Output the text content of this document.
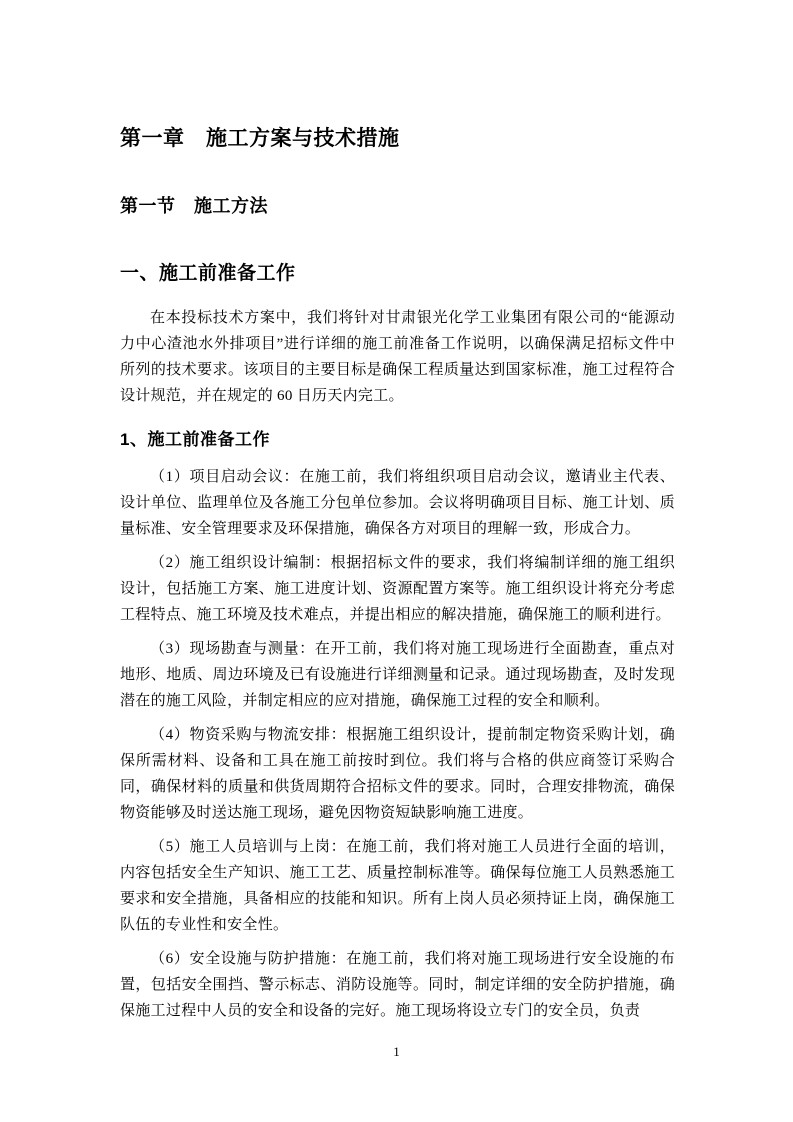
第一章　施工方案与技术措施
第一节　施工方法
一、施工前准备工作

在本投标技术方案中，我们将针对甘肃银光化学工业集团有限公司的“能源动力中心渣池水外排项目”进行详细的施工前准备工作说明，以确保满足招标文件中所列的技术要求。该项目的主要目标是确保工程质量达到国家标准，施工过程符合设计规范，并在规定的 60 日历天内完工。

1、施工前准备工作

（1）项目启动会议：在施工前，我们将组织项目启动会议，邀请业主代表、设计单位、监理单位及各施工分包单位参加。会议将明确项目目标、施工计划、质量标准、安全管理要求及环保措施，确保各方对项目的理解一致，形成合力。

（2）施工组织设计编制：根据招标文件的要求，我们将编制详细的施工组织设计，包括施工方案、施工进度计划、资源配置方案等。施工组织设计将充分考虑工程特点、施工环境及技术难点，并提出相应的解决措施，确保施工的顺利进行。

（3）现场勘查与测量：在开工前，我们将对施工现场进行全面勘查，重点对地形、地质、周边环境及已有设施进行详细测量和记录。通过现场勘查，及时发现潜在的施工风险，并制定相应的应对措施，确保施工过程的安全和顺利。

（4）物资采购与物流安排：根据施工组织设计，提前制定物资采购计划，确保所需材料、设备和工具在施工前按时到位。我们将与合格的供应商签订采购合同，确保材料的质量和供货周期符合招标文件的要求。同时，合理安排物流，确保物资能够及时送达施工现场，避免因物资短缺影响施工进度。

（5）施工人员培训与上岗：在施工前，我们将对施工人员进行全面的培训，内容包括安全生产知识、施工工艺、质量控制标准等。确保每位施工人员熟悉施工要求和安全措施，具备相应的技能和知识。所有上岗人员必须持证上岗，确保施工队伍的专业性和安全性。

（6）安全设施与防护措施：在施工前，我们将对施工现场进行安全设施的布置，包括安全围挡、警示标志、消防设施等。同时，制定详细的安全防护措施，确保施工过程中人员的安全和设备的完好。施工现场将设立专门的安全员，负责

1
